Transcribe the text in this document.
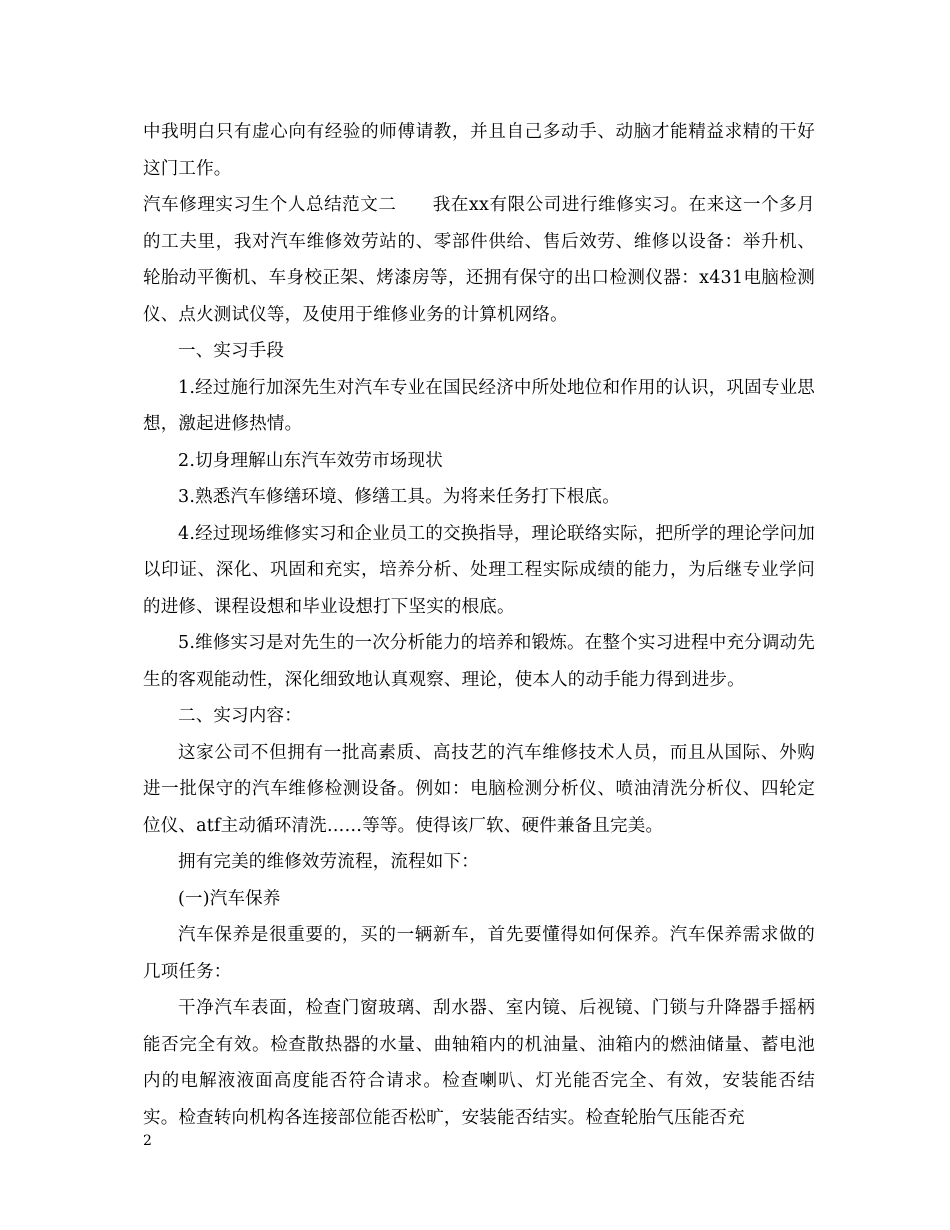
中我明白只有虚心向有经验的师傅请教，并且自己多动手、动脑才能精益求精的干好这门工作。

汽车修理实习生个人总结范文二　　我在xx有限公司进行维修实习。在来这一个多月的工夫里，我对汽车维修效劳站的、零部件供给、售后效劳、维修以设备：举升机、轮胎动平衡机、车身校正架、烤漆房等，还拥有保守的出口检测仪器：x431电脑检测仪、点火测试仪等，及使用于维修业务的计算机网络。

一、实习手段

1.经过施行加深先生对汽车专业在国民经济中所处地位和作用的认识，巩固专业思想，激起进修热情。

2.切身理解山东汽车效劳市场现状

3.熟悉汽车修缮环境、修缮工具。为将来任务打下根底。

4.经过现场维修实习和企业员工的交换指导，理论联络实际，把所学的理论学问加以印证、深化、巩固和充实，培养分析、处理工程实际成绩的能力，为后继专业学问的进修、课程设想和毕业设想打下坚实的根底。

5.维修实习是对先生的一次分析能力的培养和锻炼。在整个实习进程中充分调动先生的客观能动性，深化细致地认真观察、理论，使本人的动手能力得到进步。

二、实习内容：

这家公司不但拥有一批高素质、高技艺的汽车维修技术人员，而且从国际、外购进一批保守的汽车维修检测设备。例如：电脑检测分析仪、喷油清洗分析仪、四轮定位仪、atf主动循环清洗……等等。使得该厂软、硬件兼备且完美。

拥有完美的维修效劳流程，流程如下：

(一)汽车保养

汽车保养是很重要的，买的一辆新车，首先要懂得如何保养。汽车保养需求做的几项任务：

干净汽车表面，检查门窗玻璃、刮水器、室内镜、后视镜、门锁与升降器手摇柄能否完全有效。检查散热器的水量、曲轴箱内的机油量、油箱内的燃油储量、蓄电池内的电解液液面高度能否符合请求。检查喇叭、灯光能否完全、有效，安装能否结实。检查转向机构各连接部位能否松旷，安装能否结实。检查轮胎气压能否充

2
